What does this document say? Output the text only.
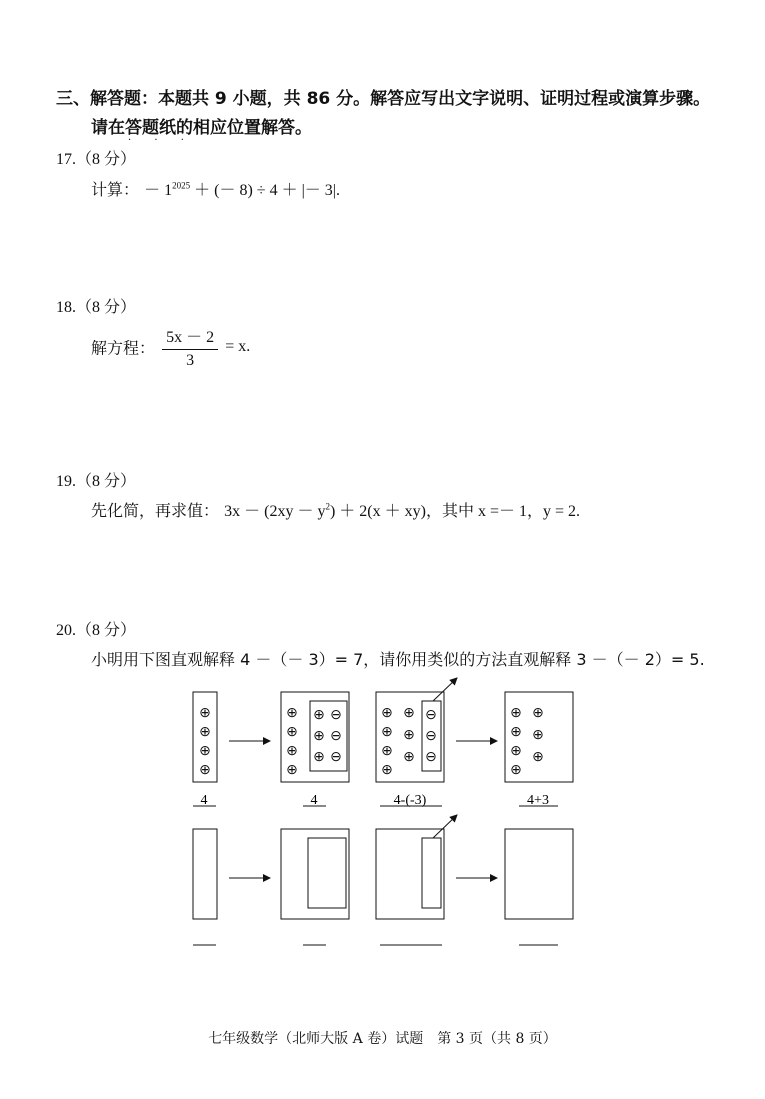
三、解答题：本题共 9 小题，共 86 分。解答应写出文字说明、证明过程或演算步骤。
请在答题纸的相应位置解答。
· · ·
17.（8 分）
计算： － $1^{2025}$ ＋ (－ 8) ÷ 4 ＋ |－ 3|.
18.（8 分）
解方程： $\frac{5x - 2}{3} = x$.
19.（8 分）
先化简，再求值： $3x - (2xy - y^2) + 2(x + xy)$，其中 x =－ 1，y = 2.
20.（8 分）
小明用下图直观解释 4 －（－ 3）= 7，请你用类似的方法直观解释 3 －（－ 2）= 5.
⊕
⊕
⊕
⊕
⊕
⊕
⊕
⊕
⊕ ⊖
⊕ ⊖
⊕ ⊖
⊕ ⊕
⊕ ⊕
⊕ ⊕
⊕
⊖
⊖
⊖
⊕ ⊕
⊕ ⊕
⊕ ⊕
⊕
4	4	4-(-3)	4+3
七年级数学（北师大版 A 卷）试题　第 3 页（共 8 页）
